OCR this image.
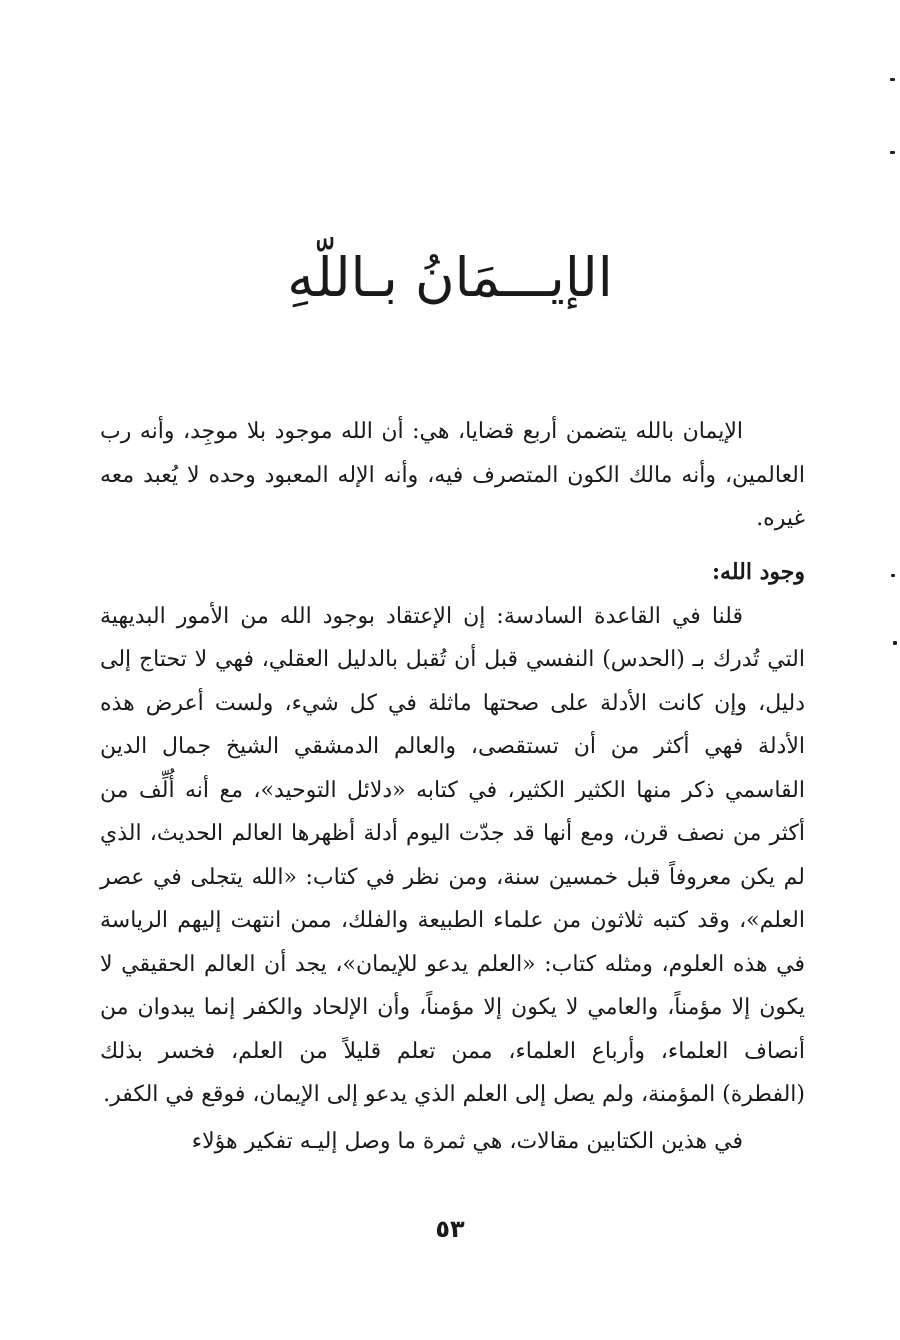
الإيـــمَانُ بـاللّهِ

الإيمان بالله يتضمن أربع قضايا، هي: أن الله موجود بلا موجِد، وأنه رب العالمين، وأنه مالك الكون المتصرف فيه، وأنه الإله المعبود وحده لا يُعبد معه غيره.

وجود الله:

قلنا في القاعدة السادسة: إن الإعتقاد بوجود الله من الأمور البديهية التي تُدرك بـ (الحدس) النفسي قبل أن تُقبل بالدليل العقلي، فهي لا تحتاج إلى دليل، وإن كانت الأدلة على صحتها ماثلة في كل شيء، ولست أعرض هذه الأدلة فهي أكثر من أن تستقصى، والعالم الدمشقي الشيخ جمال الدين القاسمي ذكر منها الكثير الكثير، في كتابه «دلائل التوحيد»، مع أنه أُلِّف من أكثر من نصف قرن، ومع أنها قد جدّت اليوم أدلة أظهرها العالم الحديث، الذي لم يكن معروفاً قبل خمسين سنة، ومن نظر في كتاب: «الله يتجلى في عصر العلم»، وقد كتبه ثلاثون من علماء الطبيعة والفلك، ممن انتهت إليهم الرياسة في هذه العلوم، ومثله كتاب: «العلم يدعو للإيمان»، يجد أن العالم الحقيقي لا يكون إلا مؤمناً، والعامي لا يكون إلا مؤمناً، وأن الإلحاد والكفر إنما يبدوان من أنصاف العلماء، وأرباع العلماء، ممن تعلم قليلاً من العلم، فخسر بذلك (الفطرة) المؤمنة، ولم يصل إلى العلم الذي يدعو إلى الإيمان، فوقع في الكفر.

في هذين الكتابين مقالات، هي ثمرة ما وصل إليـه تفكير هؤلاء

٥٣
